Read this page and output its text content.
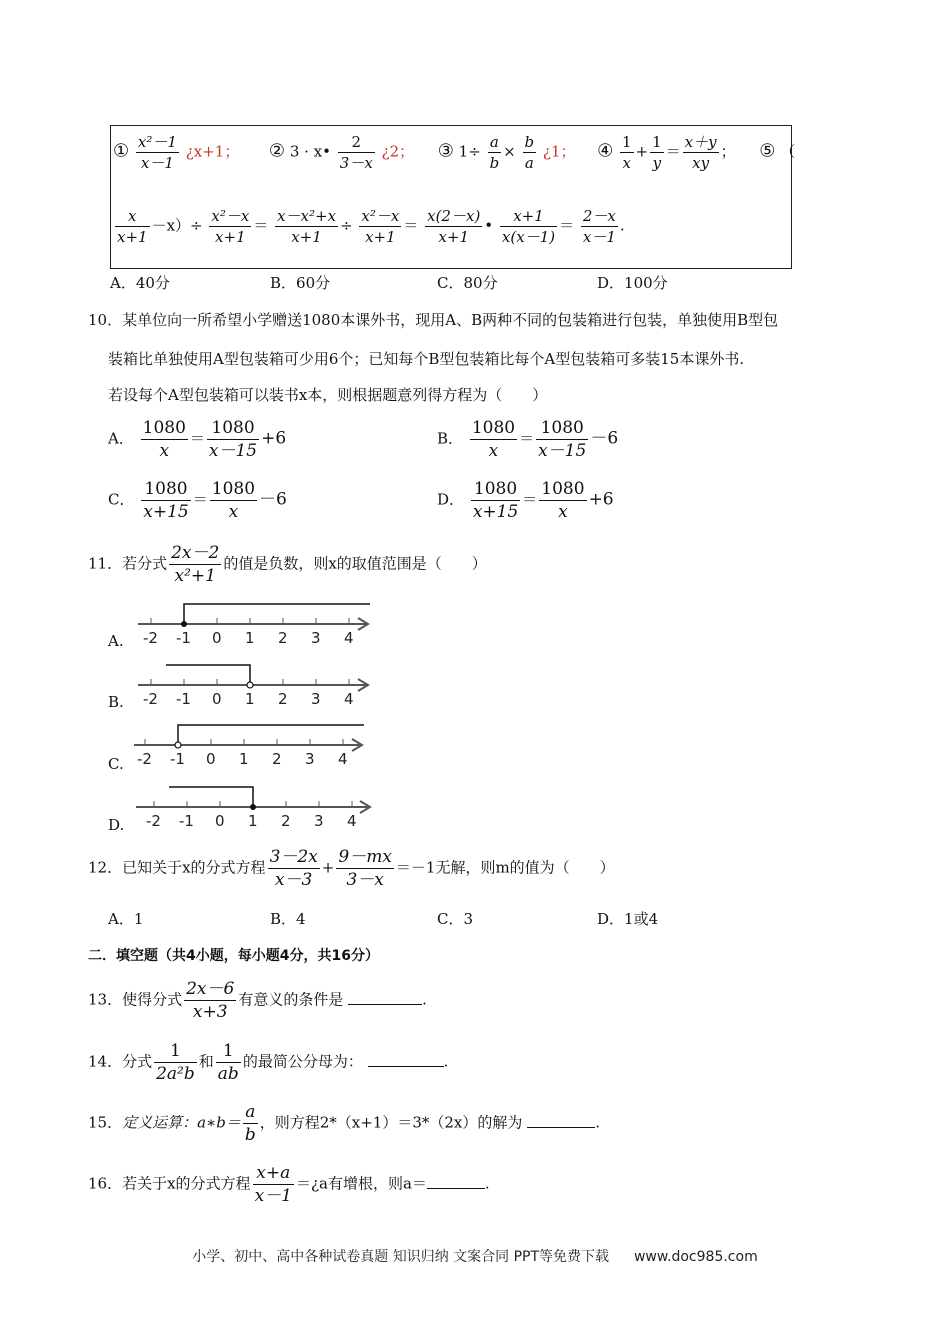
① $\frac{\text{x²－1}}{x-1}$ ¿x+1； ② 3 · x• $\frac{2}{3-x}$ ¿2； ③ $1\div \frac{a}{b} \times \frac{b}{a}$ ¿1； ④ $\frac{1}{x} + \frac{1}{y} = \frac{x+y}{xy}$ ； ⑤ （
$\frac{x}{x+1} -x)\div \frac{\text{x²－x}}{x+1} = \frac{\text{x－x²+x}}{x+1} \div \frac{\text{x²－x}}{x+1} = \frac{x(2-x)}{x+1}$ • $\frac{x+1}{x(x-1)} = \frac{2-x}{x-1}$ .
A．40分	B．60分	C．80分	D．100分
10．某单位向一所希望小学赠送1080本课外书，现用A、B两种不同的包装箱进行包装，单独使用B型包
装箱比单独使用A型包装箱可少用6个；已知每个B型包装箱比每个A型包装箱可多装15本课外书.
若设每个A型包装箱可以装书x本，则根据题意列得方程为（　　）
A． $\frac{1080}{x} = \frac{1080}{x-15} +6$	B． $\frac{1080}{x} = \frac{1080}{x-15} -6$
C． $\frac{1080}{x+15} = \frac{1080}{x} -6$	D． $\frac{1080}{x+15} = \frac{1080}{x} +6$
11．若分式 $\frac{2x-2}{\text{x²+1}}$ 的值是负数，则x的取值范围是（　　）
A.
B.
C.
D.
-2 -1 0 1 2 3 4
-2 -1 0 1 2 3 4
-2 -1 0 1 2 3 4
-2 -1 0 1 2 3 4
12．已知关于x的分式方程 $\frac{3-2x}{x-3} + \frac{9-mx}{3-x} =-1$无解，则m的值为（　　）
A．1	B．4	C．3	D．1或4
二．填空题（共4小题，每小题4分，共16分）
13．使得分式 $\frac{2x-6}{x+3}$ 有意义的条件是	.
14．分式 $\frac{1}{\text{2a²b}}$ 和 $\frac{1}{ab}$ 的最简公分母为：	.
15．定义运算：a∗b＝ $\frac{a}{b}$ ，则方程2*（x+1）＝3*（2x）的解为	.
16．若关于x的分式方程 $\frac{x+a}{x-1}$ ＝¿a有增根，则a＝	.
小学、初中、高中各种试卷真题 知识归纳 文案合同 PPT等免费下载 www.doc985.com
